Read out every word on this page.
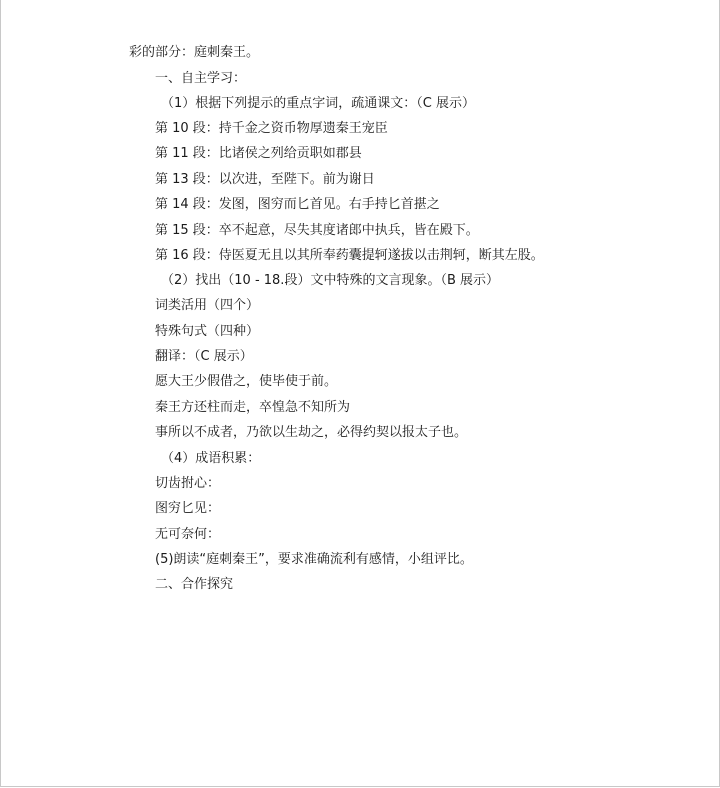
彩的部分：庭刺秦王。
一、自主学习：
（1）根据下列提示的重点字词，疏通课文：（C 展示）
第 10 段：持千金之资币物厚遗秦王宠臣
第 11 段：比诸侯之列给贡职如郡县
第 13 段：以次进，至陛下。前为谢日
第 14 段：发图，图穷而匕首见。右手持匕首揕之
第 15 段：卒不起意，尽失其度诸郎中执兵，皆在殿下。
第 16 段：侍医夏无且以其所奉药囊提轲遂拔以击荆轲，断其左股。
（2）找出（10 - 18.段）文中特殊的文言现象。（B 展示）
词类活用（四个）
特殊句式（四种）
翻译：（C 展示）
愿大王少假借之，使毕使于前。
秦王方还柱而走，卒惶急不知所为
事所以不成者，乃欲以生劫之，必得约契以报太子也。
（4）成语积累：
切齿拊心：
图穷匕见：
无可奈何：
(5)朗读“庭刺秦王”，要求准确流利有感情，小组评比。
二、合作探究
